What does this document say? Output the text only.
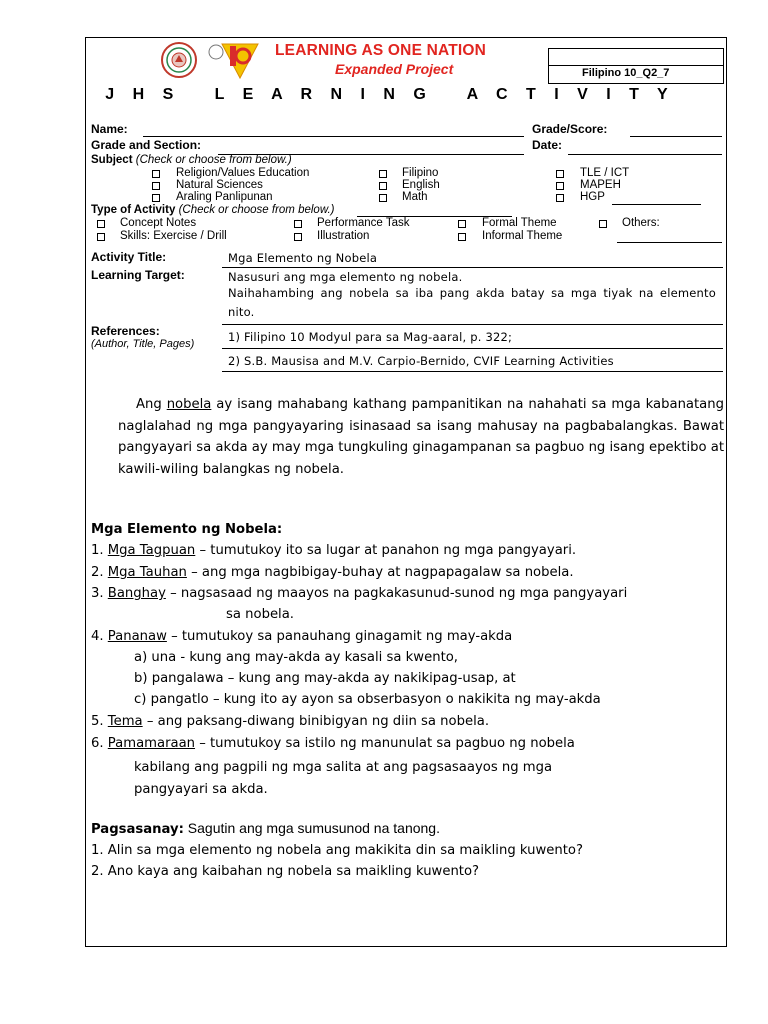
LEARNING AS ONE NATION
Expanded Project	Filipino 10_Q2_7
J H S   L E A R N I N G   A C T I V I T Y
Name:	Grade/Score:
Grade and Section:	Date:
Subject (Check or choose from below.)
Religion/Values Education
Natural Sciences
Araling Panlipunan
Filipino
English
Math
TLE / ICT
MAPEH
HGP
Type of Activity (Check or choose from below.)
Concept Notes	Performance Task	Formal Theme	Others:
Skills: Exercise / Drill	Illustration	Informal Theme
Activity Title:	Mga Elemento ng Nobela
Learning Target:	Nasusuri ang mga elemento ng nobela.
Naihahambing ang nobela sa iba pang akda batay sa mga tiyak na elemento nito.
References:
(Author, Title, Pages)	1) Filipino 10 Modyul para sa Mag-aaral, p. 322;
2) S.B. Mausisa and M.V. Carpio-Bernido, CVIF Learning Activities
Ang nobela ay isang mahabang kathang pampanitikan na nahahati sa mga kabanatang naglalahad ng mga pangyayaring isinasaad sa isang mahusay na pagbabalangkas. Bawat pangyayari sa akda ay may mga tungkuling ginagampanan sa pagbuo ng isang epektibo at kawili-wiling balangkas ng nobela.
Mga Elemento ng Nobela:
1. Mga Tagpuan – tumutukoy ito sa lugar at panahon ng mga pangyayari.
2. Mga Tauhan – ang mga nagbibigay-buhay at nagpapagalaw sa nobela.
3. Banghay – nagsasaad ng maayos na pagkakasunud-sunod ng mga pangyayari
sa nobela.
4. Pananaw – tumutukoy sa panauhang ginagamit ng may-akda
a) una - kung ang may-akda ay kasali sa kwento,
b) pangalawa – kung ang may-akda ay nakikipag-usap, at
c) pangatlo – kung ito ay ayon sa obserbasyon o nakikita ng may-akda
5. Tema – ang paksang-diwang binibigyan ng diin sa nobela.
6. Pamamaraan – tumutukoy sa istilo ng manunulat sa pagbuo ng nobela
kabilang ang pagpili ng mga salita at ang pagsasaayos ng mga pangyayari sa akda.
Pagsasanay: Sagutin ang mga sumusunod na tanong.
1. Alin sa mga elemento ng nobela ang makikita din sa maikling kuwento?
2. Ano kaya ang kaibahan ng nobela sa maikling kuwento?
